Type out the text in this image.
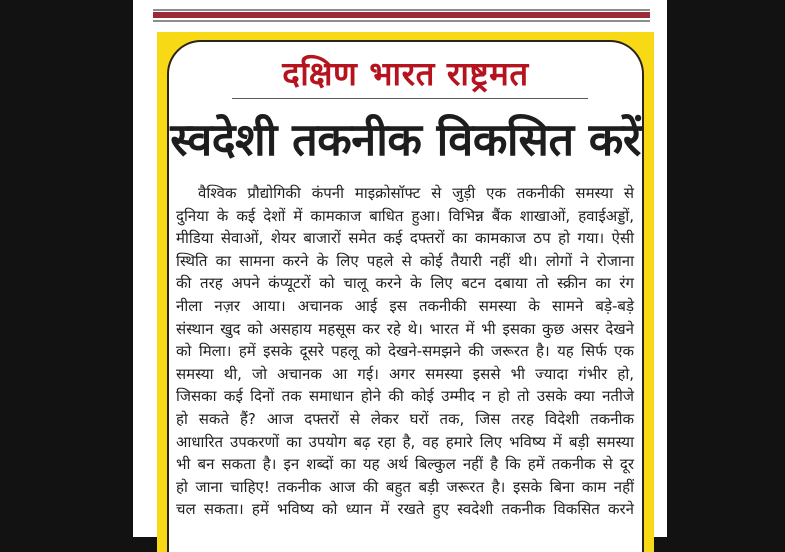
दक्षिण भारत राष्ट्रमत
स्वदेशी तकनीक विकसित करें
वैश्विक प्रौद्योगिकी कंपनी माइक्रोसॉफ्ट से जुड़ी एक तकनीकी समस्या से
दुनिया के कई देशों में कामकाज बाधित हुआ। विभिन्न बैंक शाखाओं, हवाईअड्डों,
मीडिया सेवाओं, शेयर बाजारों समेत कई दफ्तरों का कामकाज ठप हो गया। ऐसी
स्थिति का सामना करने के लिए पहले से कोई तैयारी नहीं थी। लोगों ने रोजाना
की तरह अपने कंप्यूटरों को चालू करने के लिए बटन दबाया तो स्क्रीन का रंग
नीला नज़र आया। अचानक आई इस तकनीकी समस्या के सामने बड़े-बड़े
संस्थान खुद को असहाय महसूस कर रहे थे। भारत में भी इसका कुछ असर देखने
को मिला। हमें इसके दूसरे पहलू को देखने-समझने की जरूरत है। यह सिर्फ एक
समस्या थी, जो अचानक आ गई। अगर समस्या इससे भी ज्यादा गंभीर हो,
जिसका कई दिनों तक समाधान होने की कोई उम्मीद न हो तो उसके क्या नतीजे
हो सकते हैं? आज दफ्तरों से लेकर घरों तक, जिस तरह विदेशी तकनीक
आधारित उपकरणों का उपयोग बढ़ रहा है, वह हमारे लिए भविष्य में बड़ी समस्या
भी बन सकता है। इन शब्दों का यह अर्थ बिल्कुल नहीं है कि हमें तकनीक से दूर
हो जाना चाहिए! तकनीक आज की बहुत बड़ी जरूरत है। इसके बिना काम नहीं
चल सकता। हमें भविष्य को ध्यान में रखते हुए स्वदेशी तकनीक विकसित करने
